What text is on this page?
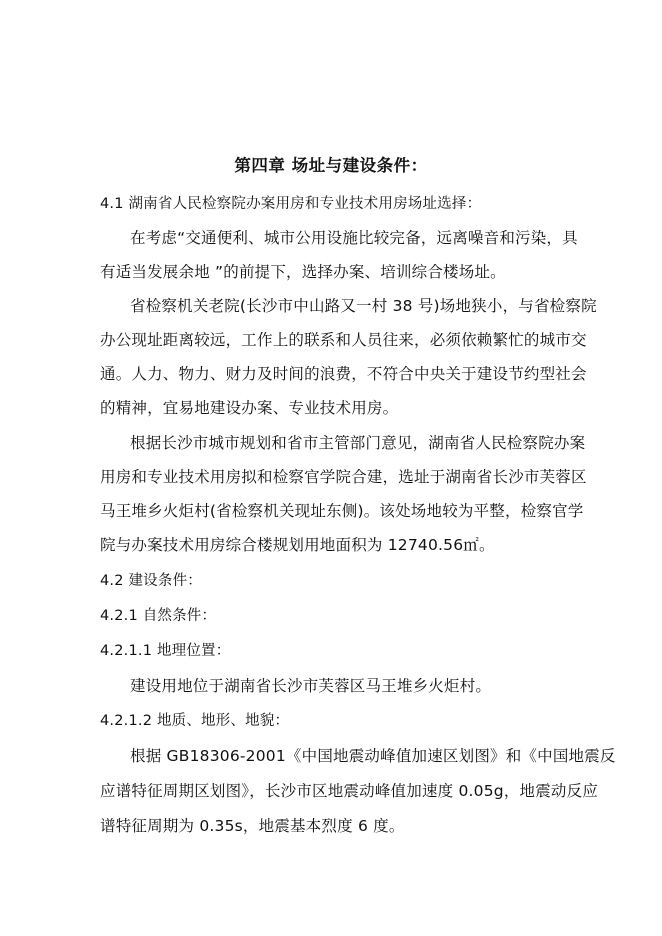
第四章 场址与建设条件：
4.1 湖南省人民检察院办案用房和专业技术用房场址选择：
在考虑“交通便利、城市公用设施比较完备，远离噪音和污染，具
有适当发展余地 ”的前提下，选择办案、培训综合楼场址。
省检察机关老院(长沙市中山路又一村 38 号)场地狭小，与省检察院
办公现址距离较远，工作上的联系和人员往来，必须依赖繁忙的城市交
通。人力、物力、财力及时间的浪费，不符合中央关于建设节约型社会
的精神，宜易地建设办案、专业技术用房。
根据长沙市城市规划和省市主管部门意见，湖南省人民检察院办案
用房和专业技术用房拟和检察官学院合建，选址于湖南省长沙市芙蓉区
马王堆乡火炬村(省检察机关现址东侧)。该处场地较为平整，检察官学
院与办案技术用房综合楼规划用地面积为 12740.56㎡。
4.2 建设条件：
4.2.1 自然条件：
4.2.1.1 地理位置：
建设用地位于湖南省长沙市芙蓉区马王堆乡火炬村。
4.2.1.2 地质、地形、地貌：
根据 GB18306-2001《中国地震动峰值加速区划图》和《中国地震反
应谱特征周期区划图》，长沙市区地震动峰值加速度 0.05g，地震动反应
谱特征周期为 0.35s，地震基本烈度 6 度。
